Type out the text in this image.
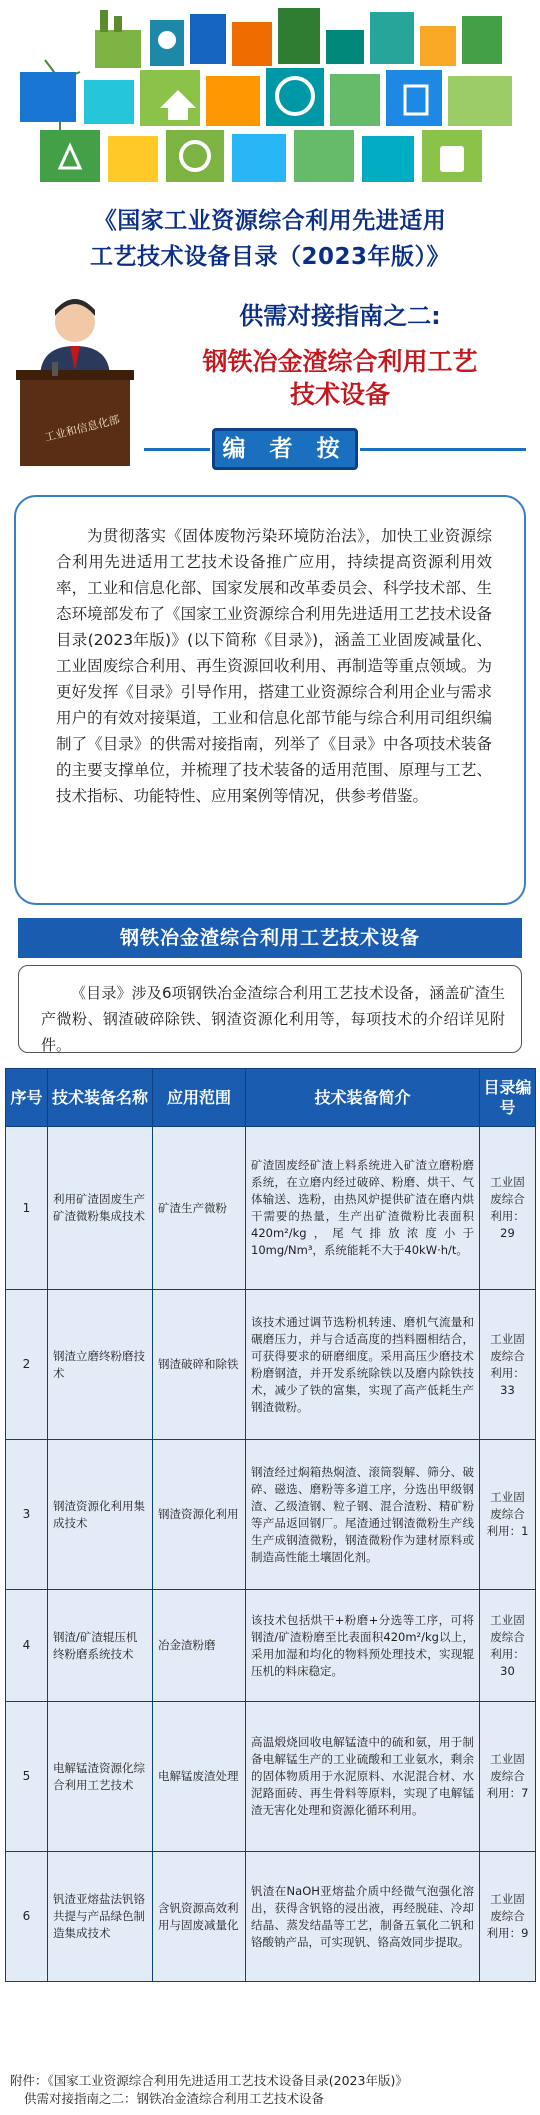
《国家工业资源综合利用先进适用
工艺技术设备目录（2023年版）》
工业和信息化部
供需对接指南之二:
钢铁冶金渣综合利用工艺
技术设备
编 者 按

为贯彻落实《固体废物污染环境防治法》，加快工业资源综合利用先进适用工艺技术设备推广应用，持续提高资源利用效率，工业和信息化部、国家发展和改革委员会、科学技术部、生态环境部发布了《国家工业资源综合利用先进适用工艺技术设备目录(2023年版)》(以下简称《目录》)，涵盖工业固废减量化、工业固废综合利用、再生资源回收利用、再制造等重点领域。为更好发挥《目录》引导作用，搭建工业资源综合利用企业与需求用户的有效对接渠道，工业和信息化部节能与综合利用司组织编制了《目录》的供需对接指南，列举了《目录》中各项技术装备的主要支撑单位，并梳理了技术装备的适用范围、原理与工艺、技术指标、功能特性、应用案例等情况，供参考借鉴。

钢铁冶金渣综合利用工艺技术设备

《目录》涉及6项钢铁冶金渣综合利用工艺技术设备，涵盖矿渣生产微粉、钢渣破碎除铁、钢渣资源化利用等，每项技术的介绍详见附件。

序号	技术装备名称	应用范围	技术装备简介	目录编号
1	利用矿渣固废生产矿渣微粉集成技术	矿渣生产微粉	矿渣固废经矿渣上料系统进入矿渣立磨粉磨系统，在立磨内经过破碎、粉磨、烘干、气体输送、选粉，由热风炉提供矿渣在磨内烘干需要的热量，生产出矿渣微粉比表面积420m²/kg，尾气排放浓度小于10mg/Nm³，系统能耗不大于40kW·h/t。	工业固废综合利用：29
2	钢渣立磨终粉磨技术	钢渣破碎和除铁	该技术通过调节选粉机转速、磨机气流量和碾磨压力，并与合适高度的挡料圈相结合，可获得要求的研磨细度。采用高压少磨技术粉磨钢渣，并开发系统除铁以及磨内除铁技术，减少了铁的富集，实现了高产低耗生产钢渣微粉。	工业固废综合利用：33
3	钢渣资源化利用集成技术	钢渣资源化利用	钢渣经过焖箱热焖渣、滚筒裂解、筛分、破碎、磁选、磨粉等多道工序，分选出甲级钢渣、乙级渣钢、粒子钢、混合渣粉、精矿粉等产品返回钢厂。尾渣通过钢渣微粉生产线生产成钢渣微粉，钢渣微粉作为建材原料或制造高性能土壤固化剂。	工业固废综合利用：1
4	钢渣/矿渣辊压机终粉磨系统技术	冶金渣粉磨	该技术包括烘干+粉磨+分选等工序，可将钢渣/矿渣粉磨至比表面积420m²/kg以上，采用加湿和均化的物料预处理技术，实现辊压机的料床稳定。	工业固废综合利用：30
5	电解锰渣资源化综合利用工艺技术	电解锰废渣处理	高温煅烧回收电解锰渣中的硫和氨，用于制备电解锰生产的工业硫酸和工业氨水，剩余的固体物质用于水泥原料、水泥混合材、水泥路面砖、再生骨料等原料，实现了电解锰渣无害化处理和资源化循环利用。	工业固废综合利用：7
6	钒渣亚熔盐法钒铬共提与产品绿色制造集成技术	含钒资源高效利用与固废减量化	钒渣在NaOH亚熔盐介质中经微气泡强化溶出，获得含钒铬的浸出液，再经脱硅、冷却结晶、蒸发结晶等工艺，制备五氧化二钒和铬酸钠产品，可实现钒、铬高效同步提取。	工业固废综合利用：9
附件：《国家工业资源综合利用先进适用工艺技术设备目录(2023年版)》
供需对接指南之二：钢铁冶金渣综合利用工艺技术设备
